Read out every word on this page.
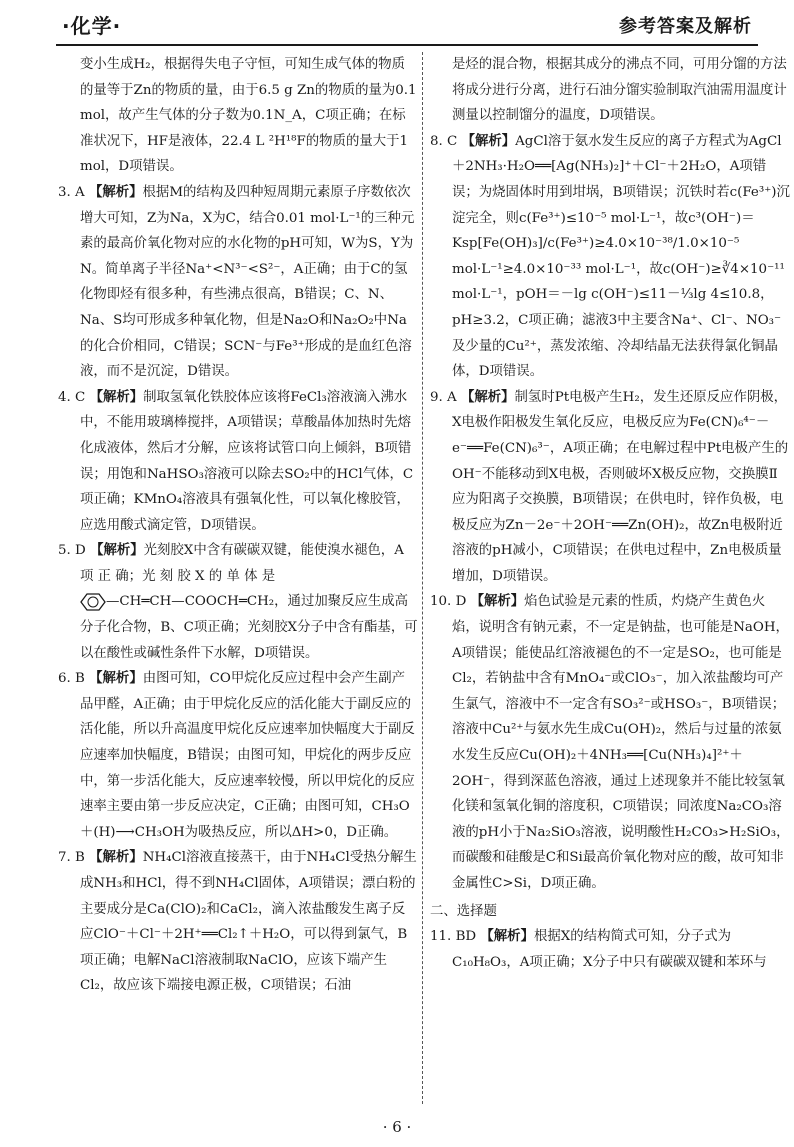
·化学·	参考答案及解析

变小生成H₂，根据得失电子守恒，可知生成气体的物质的量等于Zn的物质的量，由于6.5 g Zn的物质的量为0.1 mol，故产生气体的分子数为0.1N_A，C项正确；在标准状况下，HF是液体，22.4 L ²H¹⁸F的物质的量大于1 mol，D项错误。

3. A 【解析】根据M的结构及四种短周期元素原子序数依次增大可知，Z为Na，X为C，结合0.01 mol·L⁻¹的三种元素的最高价氧化物对应的水化物的pH可知，W为S，Y为N。简单离子半径Na⁺<N³⁻<S²⁻，A正确；由于C的氢化物即烃有很多种，有些沸点很高，B错误；C、N、Na、S均可形成多种氧化物，但是Na₂O和Na₂O₂中Na的化合价相同，C错误；SCN⁻与Fe³⁺形成的是血红色溶液，而不是沉淀，D错误。

4. C 【解析】制取氢氧化铁胶体应该将FeCl₃溶液滴入沸水中，不能用玻璃棒搅拌，A项错误；草酸晶体加热时先熔化成液体，然后才分解，应该将试管口向上倾斜，B项错误；用饱和NaHSO₃溶液可以除去SO₂中的HCl气体，C项正确；KMnO₄溶液具有强氧化性，可以氧化橡胶管，应选用酸式滴定管，D项错误。

5. D 【解析】光刻胶X中含有碳碳双键，能使溴水褪色，A 项 正 确；光 刻 胶 X 的 单 体 是
—CH═CH—COOCH═CH₂，通过加聚反应生成高分子化合物，B、C项正确；光刻胶X分子中含有酯基，可以在酸性或碱性条件下水解，D项错误。

6. B 【解析】由图可知，CO甲烷化反应过程中会产生副产品甲醛，A正确；由于甲烷化反应的活化能大于副反应的活化能，所以升高温度甲烷化反应速率加快幅度大于副反应速率加快幅度，B错误；由图可知，甲烷化的两步反应中，第一步活化能大，反应速率较慢，所以甲烷化的反应速率主要由第一步反应决定，C正确；由图可知，CH₃O＋(H)⟶CH₃OH为吸热反应，所以ΔH>0，D正确。

7. B 【解析】NH₄Cl溶液直接蒸干，由于NH₄Cl受热分解生成NH₃和HCl，得不到NH₄Cl固体，A项错误；漂白粉的主要成分是Ca(ClO)₂和CaCl₂，滴入浓盐酸发生离子反应ClO⁻＋Cl⁻＋2H⁺══Cl₂↑＋H₂O，可以得到氯气，B项正确；电解NaCl溶液制取NaClO，应该下端产生Cl₂，故应该下端接电源正极，C项错误；石油

是烃的混合物，根据其成分的沸点不同，可用分馏的方法将成分进行分离，进行石油分馏实验制取汽油需用温度计测量以控制馏分的温度，D项错误。

8. C 【解析】AgCl溶于氨水发生反应的离子方程式为AgCl＋2NH₃·H₂O══[Ag(NH₃)₂]⁺＋Cl⁻＋2H₂O，A项错误；为烧固体时用到坩埚，B项错误；沉铁时若c(Fe³⁺)沉淀完全，则c(Fe³⁺)≤10⁻⁵ mol·L⁻¹，故c³(OH⁻)＝Ksp[Fe(OH)₃]/c(Fe³⁺)≥4.0×10⁻³⁸/1.0×10⁻⁵ mol·L⁻¹≥4.0×10⁻³³ mol·L⁻¹，故c(OH⁻)≥∛4×10⁻¹¹ mol·L⁻¹，pOH＝－lg c(OH⁻)≤11－⅓lg 4≤10.8，pH≥3.2，C项正确；滤液3中主要含Na⁺、Cl⁻、NO₃⁻及少量的Cu²⁺，蒸发浓缩、冷却结晶无法获得氯化铜晶体，D项错误。

9. A 【解析】制氢时Pt电极产生H₂，发生还原反应作阴极，X电极作阳极发生氧化反应，电极反应为Fe(CN)₆⁴⁻－e⁻══Fe(CN)₆³⁻，A项正确；在电解过程中Pt电极产生的OH⁻不能移动到X电极，否则破坏X极反应物，交换膜Ⅱ应为阳离子交换膜，B项错误；在供电时，锌作负极，电极反应为Zn－2e⁻＋2OH⁻══Zn(OH)₂，故Zn电极附近溶液的pH减小，C项错误；在供电过程中，Zn电极质量增加，D项错误。

10. D 【解析】焰色试验是元素的性质，灼烧产生黄色火焰，说明含有钠元素，不一定是钠盐，也可能是NaOH，A项错误；能使品红溶液褪色的不一定是SO₂，也可能是Cl₂，若钠盐中含有MnO₄⁻或ClO₃⁻，加入浓盐酸均可产生氯气，溶液中不一定含有SO₃²⁻或HSO₃⁻，B项错误；溶液中Cu²⁺与氨水先生成Cu(OH)₂，然后与过量的浓氨水发生反应Cu(OH)₂＋4NH₃══[Cu(NH₃)₄]²⁺＋2OH⁻，得到深蓝色溶液，通过上述现象并不能比较氢氧化镁和氢氧化铜的溶度积，C项错误；同浓度Na₂CO₃溶液的pH小于Na₂SiO₃溶液，说明酸性H₂CO₃>H₂SiO₃，而碳酸和硅酸是C和Si最高价氧化物对应的酸，故可知非金属性C>Si，D项正确。

二、选择题

11. BD 【解析】根据X的结构简式可知，分子式为C₁₀H₈O₃，A项正确；X分子中只有碳碳双键和苯环与

· 6 ·
